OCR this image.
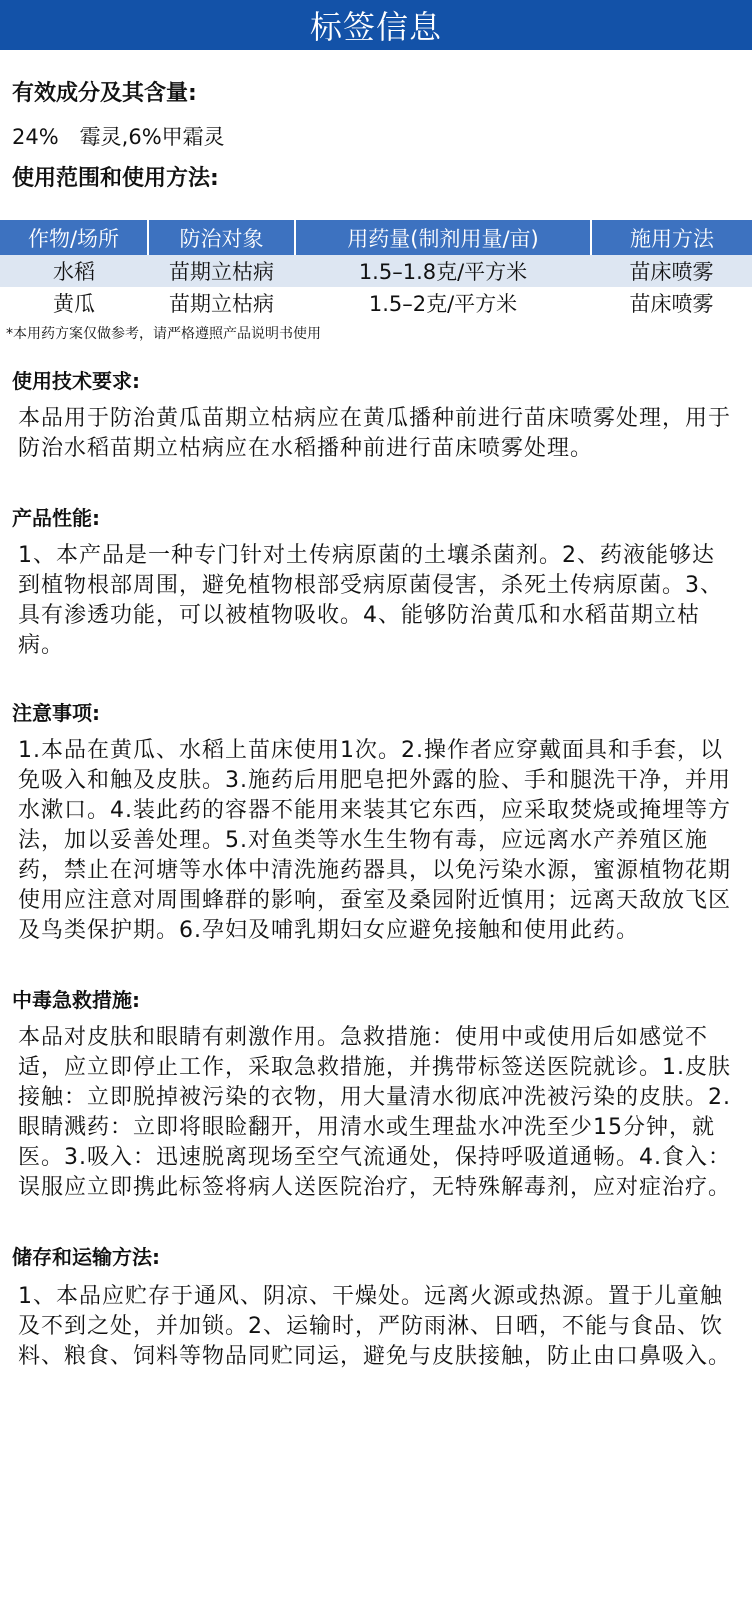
标签信息
有效成分及其含量:
24%　霉灵,6%甲霜灵
使用范围和使用方法:
作物/场所	防治对象	用药量(制剂用量/亩)	施用方法
水稻	苗期立枯病	1.5–1.8克/平方米	苗床喷雾
黄瓜	苗期立枯病	1.5–2克/平方米	苗床喷雾
*本用药方案仅做参考，请严格遵照产品说明书使用
使用技术要求:

本品用于防治黄瓜苗期立枯病应在黄瓜播种前进行苗床喷雾处理，用于防治水稻苗期立枯病应在水稻播种前进行苗床喷雾处理。

产品性能:

1、本产品是一种专门针对土传病原菌的土壤杀菌剂。2、药液能够达到植物根部周围，避免植物根部受病原菌侵害，杀死土传病原菌。3、具有渗透功能，可以被植物吸收。4、能够防治黄瓜和水稻苗期立枯病。

注意事项:

1.本品在黄瓜、水稻上苗床使用1次。2.操作者应穿戴面具和手套，以免吸入和触及皮肤。3.施药后用肥皂把外露的脸、手和腿洗干净，并用水漱口。4.装此药的容器不能用来装其它东西，应采取焚烧或掩埋等方法，加以妥善处理。5.对鱼类等水生生物有毒，应远离水产养殖区施药，禁止在河塘等水体中清洗施药器具，以免污染水源，蜜源植物花期使用应注意对周围蜂群的影响，蚕室及桑园附近慎用；远离天敌放飞区及鸟类保护期。6.孕妇及哺乳期妇女应避免接触和使用此药。

中毒急救措施:

本品对皮肤和眼睛有刺激作用。急救措施：使用中或使用后如感觉不适，应立即停止工作，采取急救措施，并携带标签送医院就诊。1.皮肤接触：立即脱掉被污染的衣物，用大量清水彻底冲洗被污染的皮肤。2.眼睛溅药：立即将眼睑翻开，用清水或生理盐水冲洗至少15分钟，就医。3.吸入：迅速脱离现场至空气流通处，保持呼吸道通畅。4.食入：误服应立即携此标签将病人送医院治疗，无特殊解毒剂，应对症治疗。

储存和运输方法:

1、本品应贮存于通风、阴凉、干燥处。远离火源或热源。置于儿童触及不到之处，并加锁。2、运输时，严防雨淋、日晒，不能与食品、饮料、粮食、饲料等物品同贮同运，避免与皮肤接触，防止由口鼻吸入。
